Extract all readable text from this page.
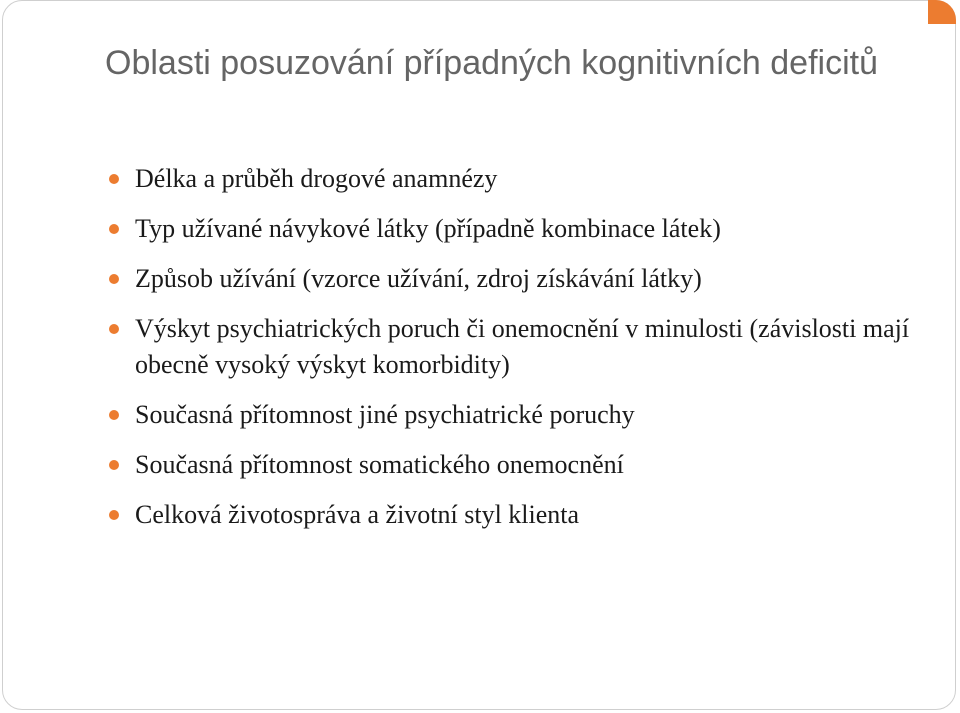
Oblasti posuzování případných kognitivních deficitů
Délka a průběh drogové anamnézy
Typ užívané návykové látky (případně kombinace látek)
Způsob užívání (vzorce užívání, zdroj získávání látky)
Výskyt psychiatrických poruch či onemocnění v minulosti (závislosti mají obecně vysoký výskyt komorbidity)
Současná přítomnost jiné psychiatrické poruchy
Současná přítomnost somatického onemocnění
Celková životospráva a životní styl klienta
